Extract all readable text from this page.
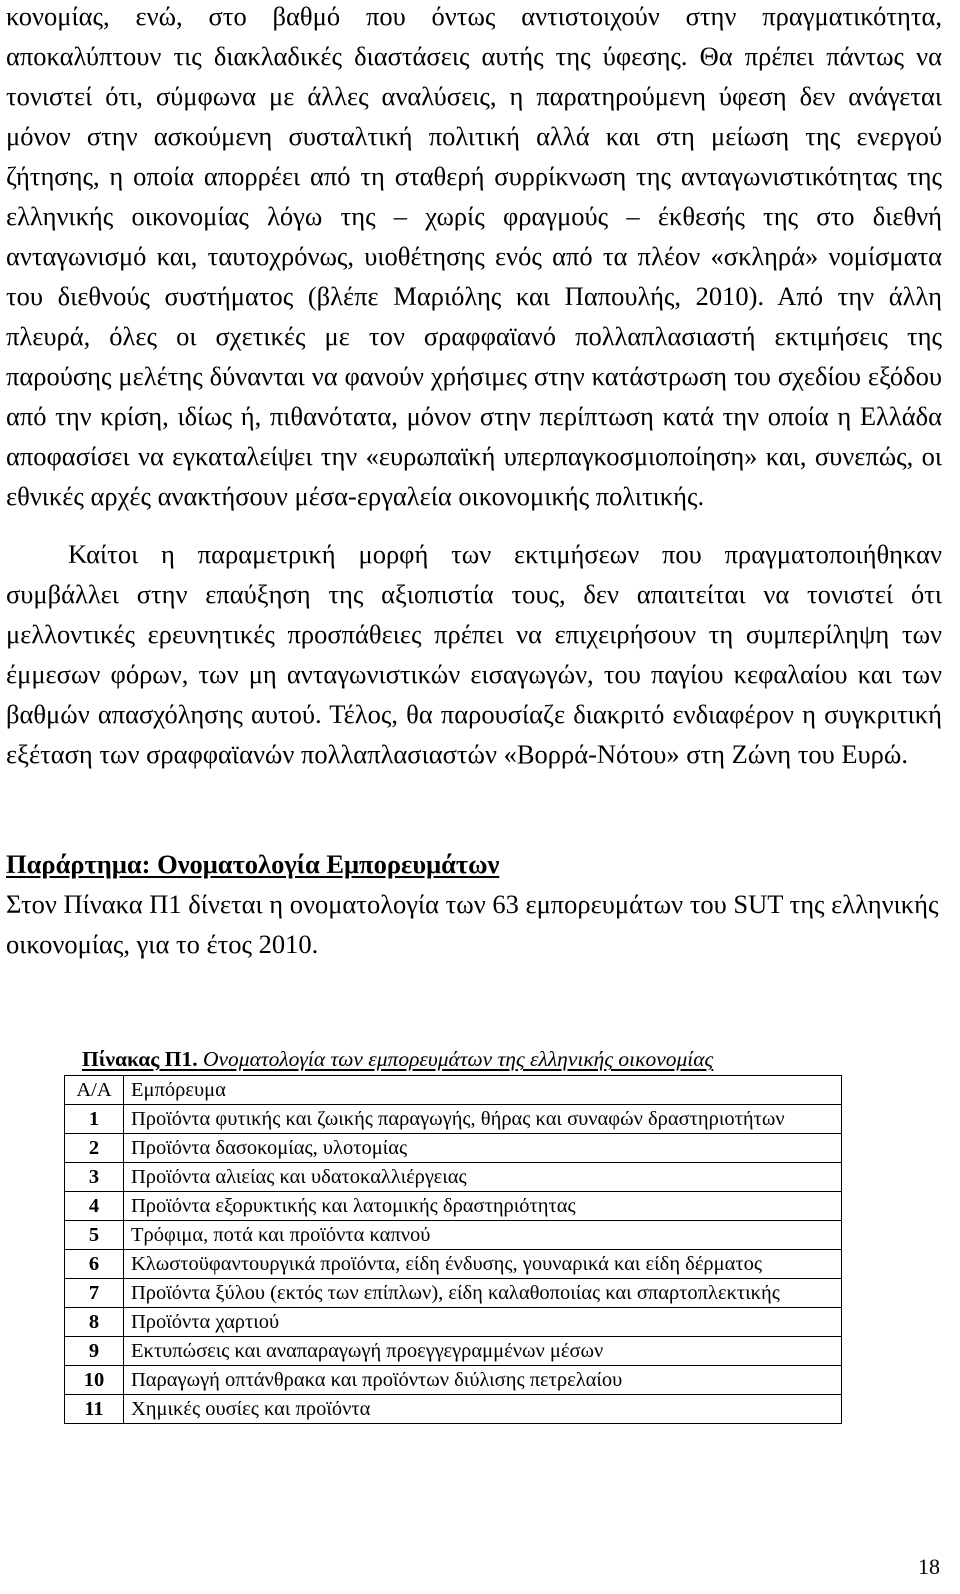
κονομίας, ενώ, στο βαθμό που όντως αντιστοιχούν στην πραγματικότητα, αποκαλύπτουν τις διακλαδικές διαστάσεις αυτής της ύφεσης. Θα πρέπει πάντως να τονιστεί ότι, σύμφωνα με άλλες αναλύσεις, η παρατηρούμενη ύφεση δεν ανάγεται μόνον στην ασκούμενη συσταλτική πολιτική αλλά και στη μείωση της ενεργού ζήτησης, η οποία απορρέει από τη σταθερή συρρίκνωση της ανταγωνιστικότητας της ελληνικής οικονομίας λόγω της – χωρίς φραγμούς – έκθεσής της στο διεθνή ανταγωνισμό και, ταυτοχρόνως, υιοθέτησης ενός από τα πλέον «σκληρά» νομίσματα του διεθνούς συστήματος (βλέπε Μαριόλης και Παπουλής, 2010). Από την άλλη πλευρά, όλες οι σχετικές με τον σραφφαϊανό πολλαπλασιαστή εκτιμήσεις της παρούσης μελέτης δύνανται να φανούν χρήσιμες στην κατάστρωση του σχεδίου εξόδου από την κρίση, ιδίως ή, πιθανότατα, μόνον στην περίπτωση κατά την οποία η Ελλάδα αποφασίσει να εγκαταλείψει την «ευρωπαϊκή υπερπαγκοσμιοποίηση» και, συνεπώς, οι εθνικές αρχές ανακτήσουν μέσα-εργαλεία οικονομικής πολιτικής.

Καίτοι η παραμετρική μορφή των εκτιμήσεων που πραγματοποιήθηκαν συμβάλλει στην επαύξηση της αξιοπιστία τους, δεν απαιτείται να τονιστεί ότι μελλοντικές ερευνητικές προσπάθειες πρέπει να επιχειρήσουν τη συμπερίληψη των έμμεσων φόρων, των μη ανταγωνιστικών εισαγωγών, του παγίου κεφαλαίου και των βαθμών απασχόλησης αυτού. Τέλος, θα παρουσίαζε διακριτό ενδιαφέρον η συγκριτική εξέταση των σραφφαϊανών πολλαπλασιαστών «Βορρά-Νότου» στη Ζώνη του Ευρώ.

Παράρτημα: Ονοματολογία Εμπορευμάτων

Στον Πίνακα Π1 δίνεται η ονοματολογία των 63 εμπορευμάτων του SUT της ελληνικής οικονομίας, για το έτος 2010.

Πίνακας Π1. Ονοματολογία των εμπορευμάτων της ελληνικής οικονομίας

Α/Α	Εμπόρευμα
1	Προϊόντα φυτικής και ζωικής παραγωγής, θήρας και συναφών δραστηριοτήτων
2	Προϊόντα δασοκομίας, υλοτομίας
3	Προϊόντα αλιείας και υδατοκαλλιέργειας
4	Προϊόντα εξορυκτικής και λατομικής δραστηριότητας
5	Τρόφιμα, ποτά και προϊόντα καπνού
6	Κλωστοϋφαντουργικά προϊόντα, είδη ένδυσης, γουναρικά και είδη δέρματος
7	Προϊόντα ξύλου (εκτός των επίπλων), είδη καλαθοποιίας και σπαρτοπλεκτικής
8	Προϊόντα χαρτιού
9	Εκτυπώσεις και αναπαραγωγή προεγγεγραμμένων μέσων
10	Παραγωγή οπτάνθρακα και προϊόντων διύλισης πετρελαίου
11	Χημικές ουσίες και προϊόντα

18
